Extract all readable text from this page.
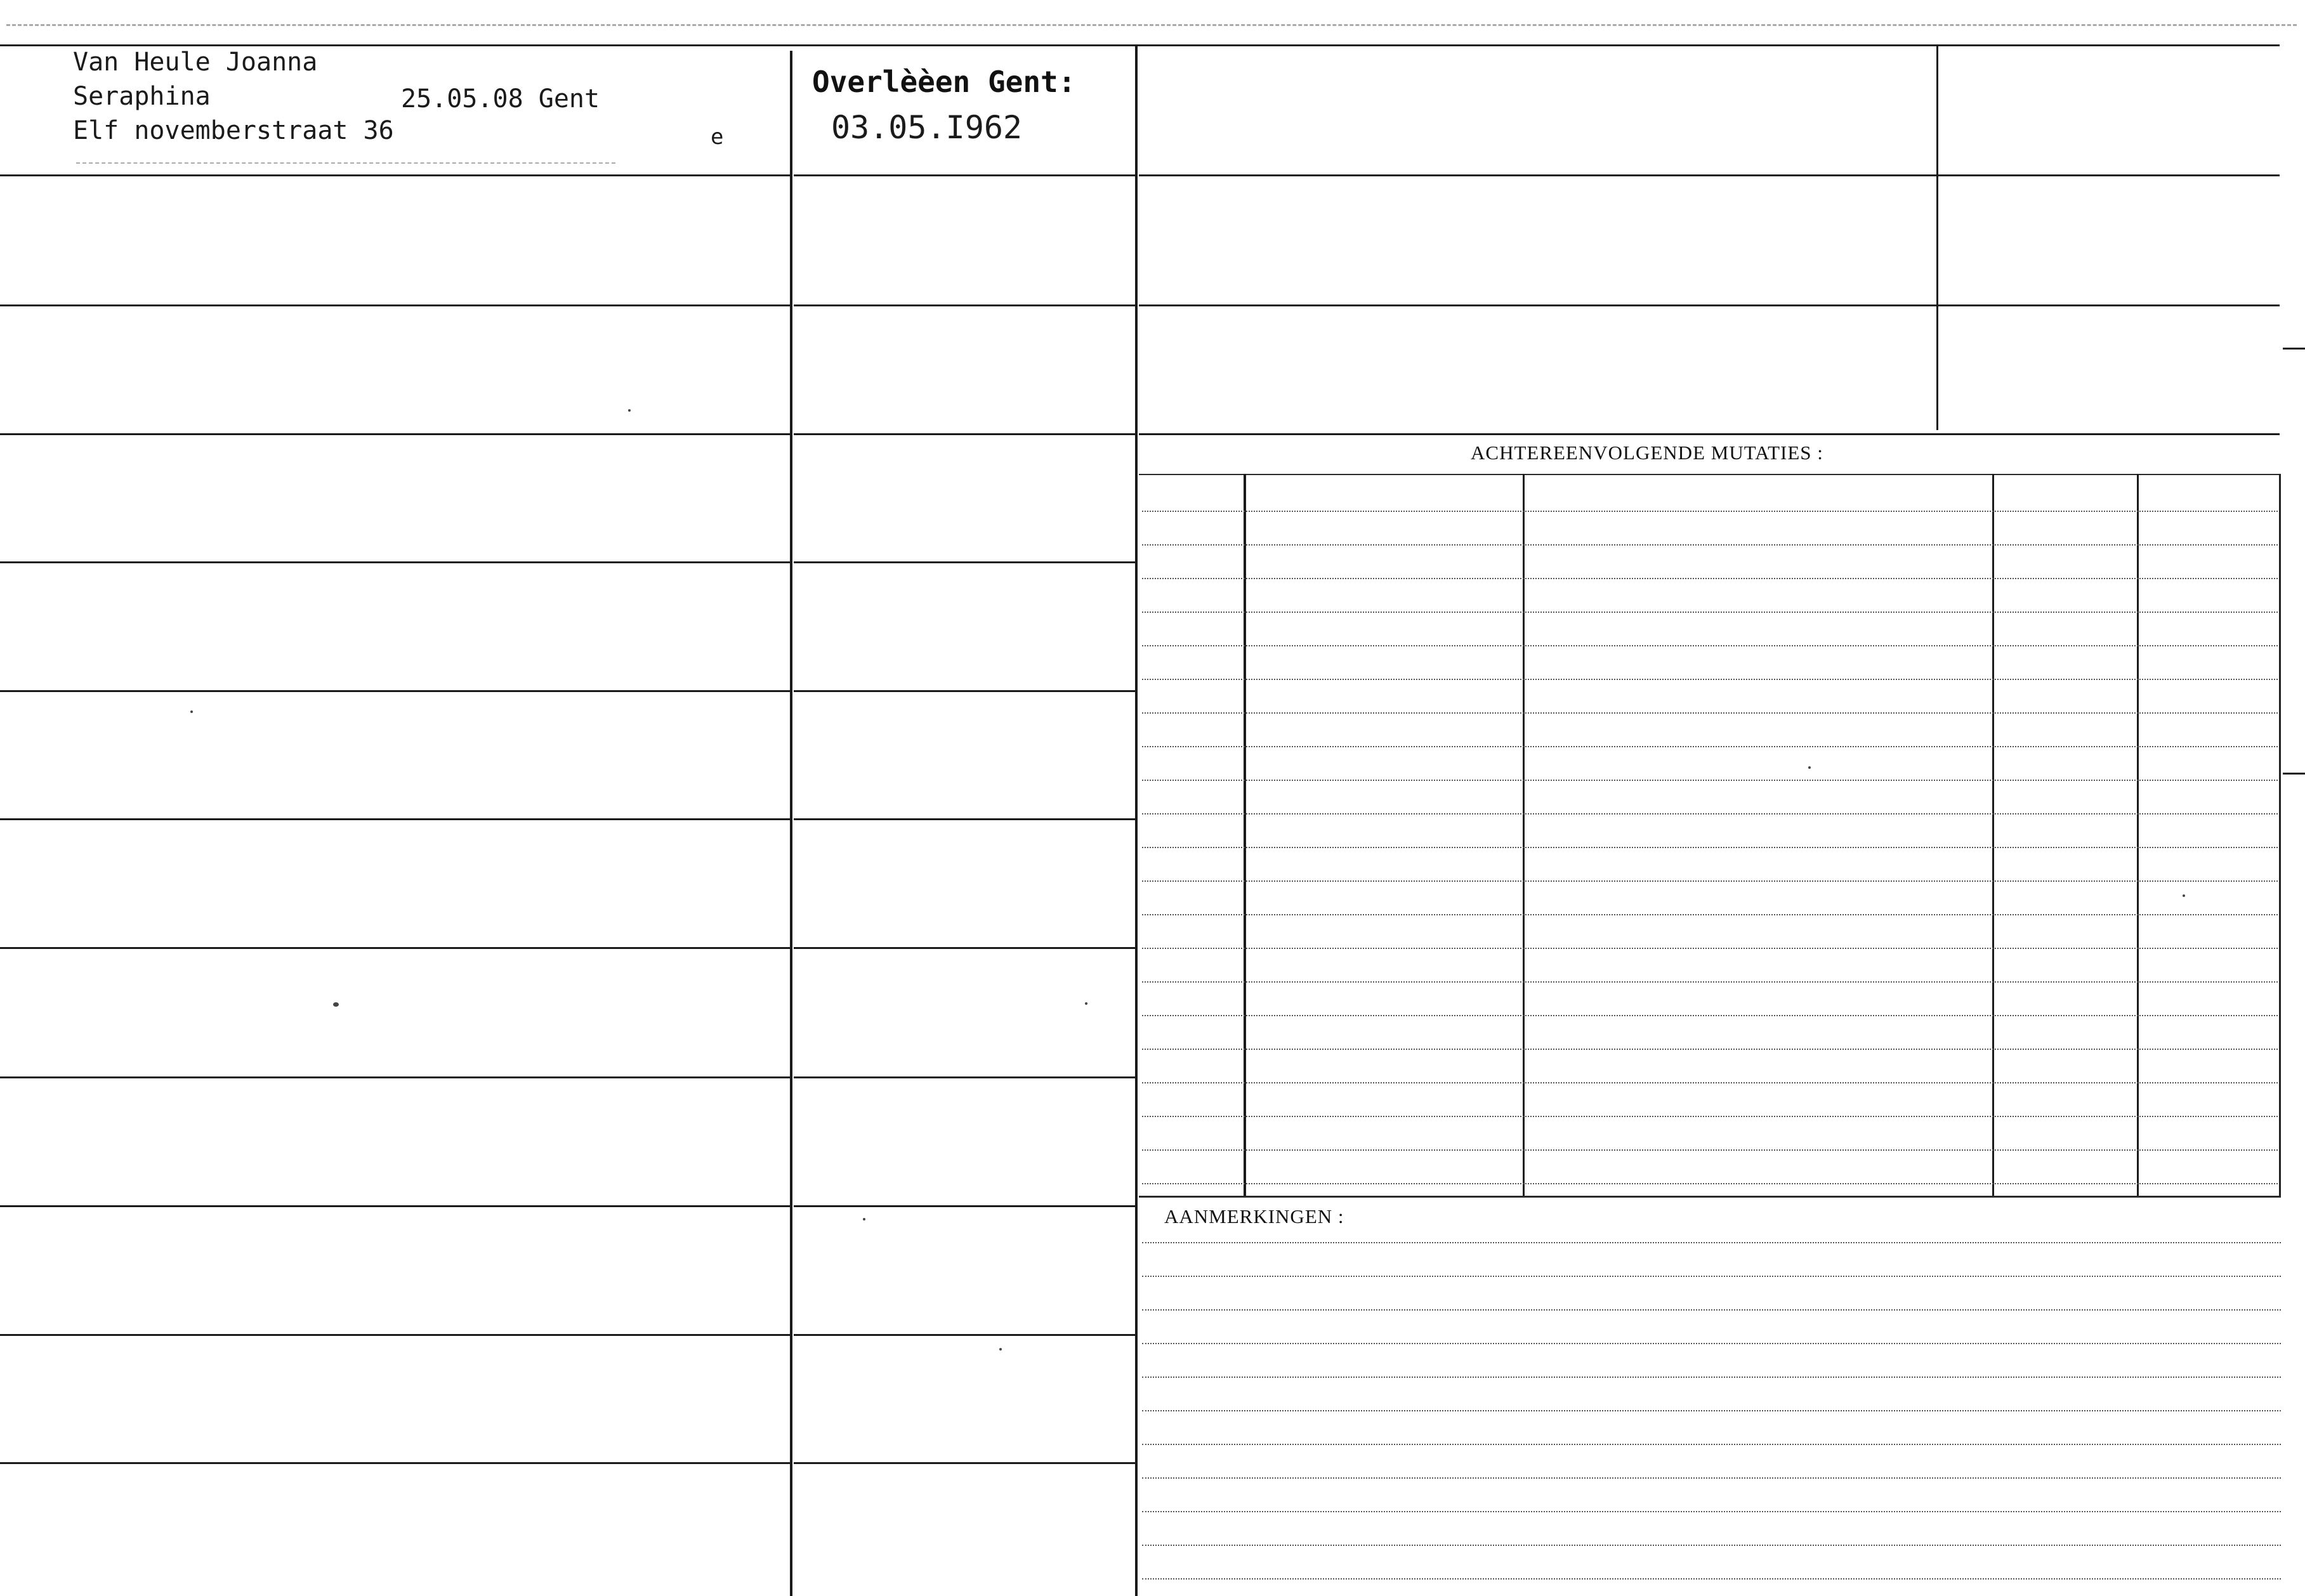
ACHTEREENVOLGENDE MUTATIES :
AANMERKINGEN :
Van Heule Joanna
Seraphina	25.05.08 Gent
Elf novemberstraat 36	e
Overlèèen Gent:
03.05.I962
